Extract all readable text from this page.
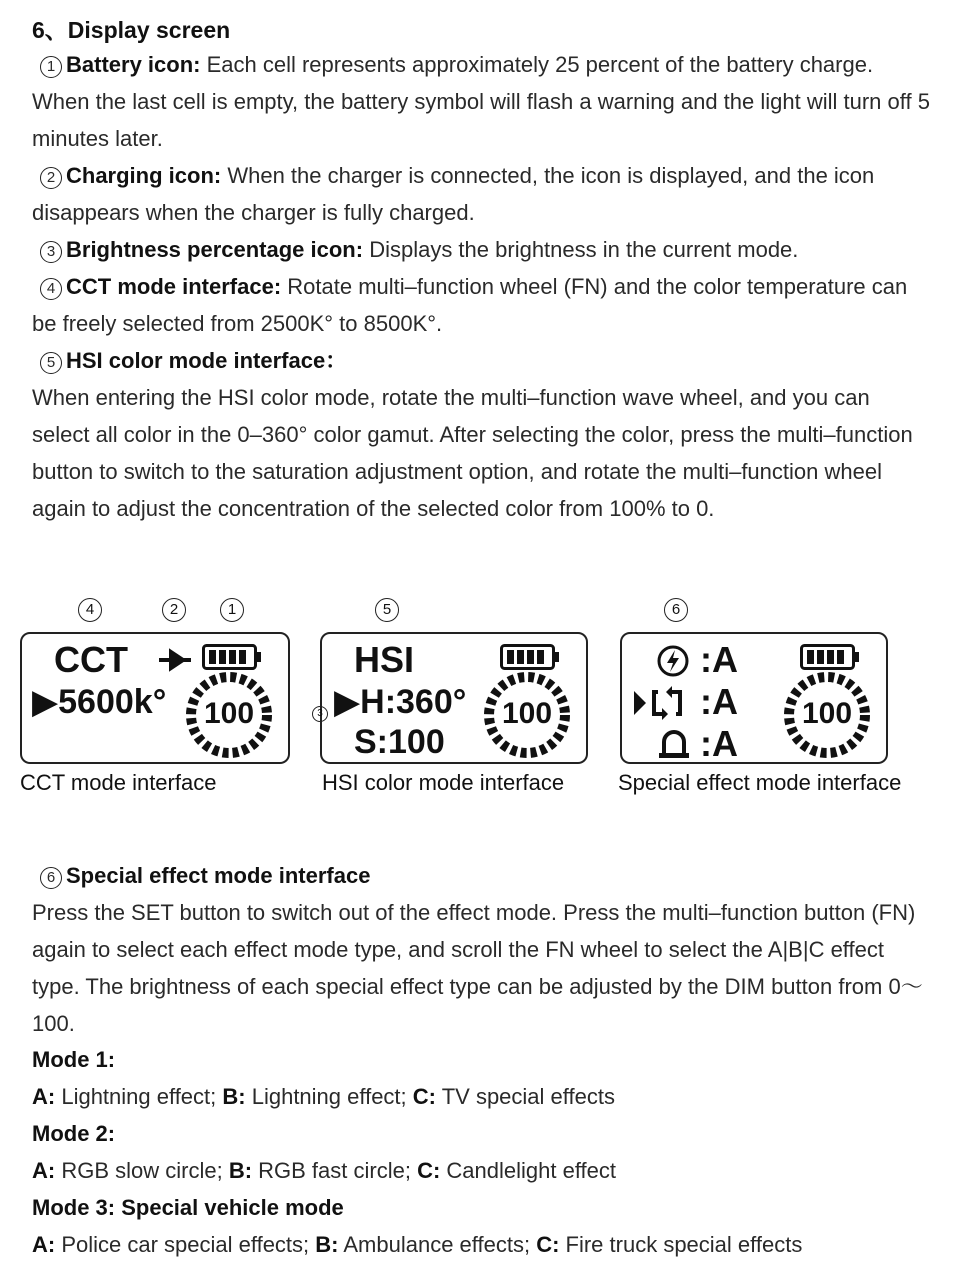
6、Display screen
1 Battery icon: Each cell represents approximately 25 percent of the battery charge. When the last cell is empty, the battery symbol will flash a warning and the light will turn off 5 minutes later.
2 Charging icon: When the charger is connected, the icon is displayed, and the icon disappears when the charger is fully charged.
3 Brightness percentage icon: Displays the brightness in the current mode.
4 CCT mode interface: Rotate multi–function wheel (FN) and the color temperature can be freely selected from 2500K° to 8500K°.
5 HSI color mode interface：
When entering the HSI color mode, rotate the multi–function wave wheel, and you can select all color in the 0–360° color gamut. After selecting the color, press the multi–function button to switch to the saturation adjustment option, and rotate the multi–function wheel again to adjust the concentration of the selected color from 100% to 0.
4	2	1	5	6
CCT
▶5600k°	100
CCT mode interface
HSI
▶H:360°
S:100
100
3
HSI color mode interface
:A
:A
:A
100
Special effect mode interface
6 Special effect mode interface
Press the SET button to switch out of the effect mode. Press the multi–function button (FN) again to select each effect mode type, and scroll the FN wheel to select the A|B|C effect type. The brightness of each special effect type can be adjusted by the DIM button from 0～100.
Mode 1:
A: Lightning effect; B: Lightning effect; C: TV special effects
Mode 2:
A: RGB slow circle; B: RGB fast circle; C: Candlelight effect
Mode 3: Special vehicle mode
A: Police car special effects; B: Ambulance effects; C: Fire truck special effects
